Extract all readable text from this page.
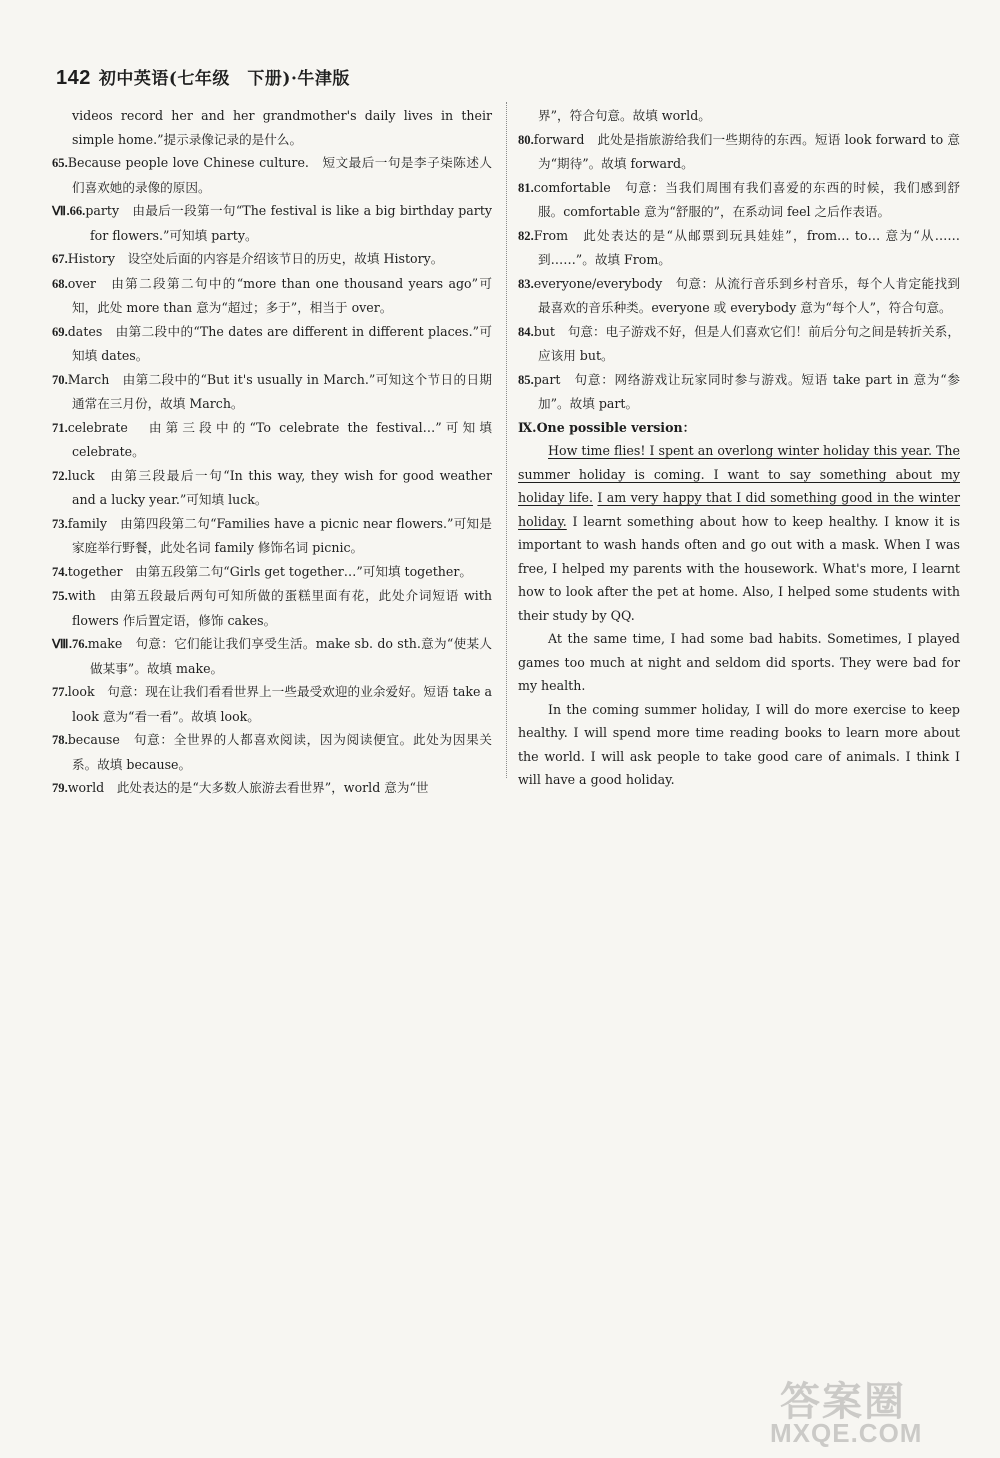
142 初中英语(七年级　下册)·牛津版

videos record her and her grandmother's daily lives in their simple home.”提示录像记录的是什么。

65.Because people love Chinese culture.　短文最后一句是李子柒陈述人们喜欢她的录像的原因。

Ⅶ.66.party　由最后一段第一句“The festival is like a big birthday party for flowers.”可知填 party。

67.History　设空处后面的内容是介绍该节日的历史，故填 History。

68.over　由第二段第二句中的“more than one thousand years ago”可知，此处 more than 意为“超过；多于”，相当于 over。

69.dates　由第二段中的“The dates are different in different places.”可知填 dates。

70.March　由第二段中的“But it's usually in March.”可知这个节日的日期通常在三月份，故填 March。

71.celebrate　由第三段中的“To celebrate the festival…”可知填 celebrate。

72.luck　由第三段最后一句“In this way, they wish for good weather and a lucky year.”可知填 luck。

73.family　由第四段第二句“Families have a picnic near flowers.”可知是家庭举行野餐，此处名词 family 修饰名词 picnic。

74.together　由第五段第二句“Girls get together…”可知填 together。

75.with　由第五段最后两句可知所做的蛋糕里面有花，此处介词短语 with flowers 作后置定语，修饰 cakes。

Ⅷ.76.make　句意：它们能让我们享受生活。make sb. do sth.意为“使某人做某事”。故填 make。

77.look　句意：现在让我们看看世界上一些最受欢迎的业余爱好。短语 take a look 意为“看一看”。故填 look。

78.because　句意：全世界的人都喜欢阅读，因为阅读便宜。此处为因果关系。故填 because。

79.world　此处表达的是“大多数人旅游去看世界”，world 意为“世

界”，符合句意。故填 world。

80.forward　此处是指旅游给我们一些期待的东西。短语 look forward to 意为“期待”。故填 forward。

81.comfortable　句意：当我们周围有我们喜爱的东西的时候，我们感到舒服。comfortable 意为“舒服的”，在系动词 feel 之后作表语。

82.From　此处表达的是“从邮票到玩具娃娃”，from… to… 意为“从……到……”。故填 From。

83.everyone/everybody　句意：从流行音乐到乡村音乐，每个人肯定能找到最喜欢的音乐种类。everyone 或 everybody 意为“每个人”，符合句意。

84.but　句意：电子游戏不好，但是人们喜欢它们！前后分句之间是转折关系，应该用 but。

85.part　句意：网络游戏让玩家同时参与游戏。短语 take part in 意为“参加”。故填 part。

Ⅸ.One possible version：

How time flies! I spent an overlong winter holiday this year. The summer holiday is coming. I want to say something about my holiday life. I am very happy that I did something good in the winter holiday. I learnt something about how to keep healthy. I know it is important to wash hands often and go out with a mask. When I was free, I helped my parents with the housework. What's more, I learnt how to look after the pet at home. Also, I helped some students with their study by QQ.

At the same time, I had some bad habits. Sometimes, I played games too much at night and seldom did sports. They were bad for my health.

In the coming summer holiday, I will do more exercise to keep healthy. I will spend more time reading books to learn more about the world. I will ask people to take good care of animals. I think I will have a good holiday.

答案圈
MXQE.COM
